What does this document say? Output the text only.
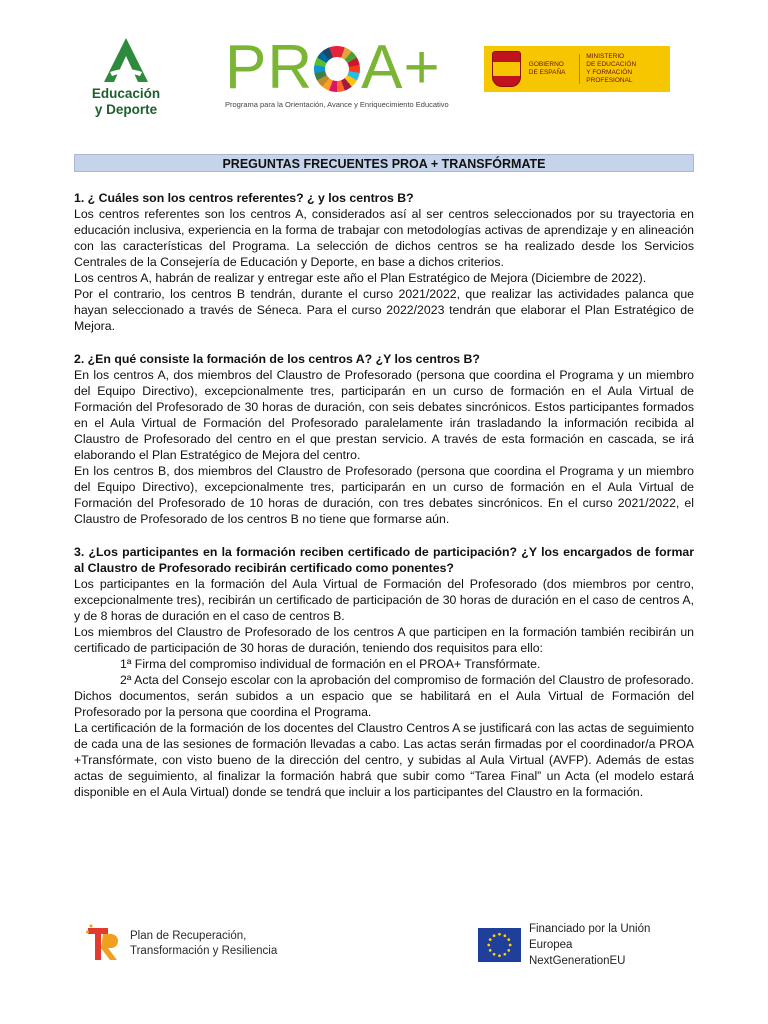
Educación
y Deporte
PR A+
Programa para la Orientación, Avance y Enriquecimiento Educativo
GOBIERNO
DE ESPAÑA
MINISTERIO
DE EDUCACIÓN
Y FORMACIÓN PROFESIONAL
PREGUNTAS FRECUENTES PROA + TRANSFÓRMATE

1. ¿ Cuáles son los centros referentes? ¿ y los centros B?

Los centros referentes son los centros A, considerados así al ser centros seleccionados por su trayectoria en educación inclusiva, experiencia en la forma de trabajar con metodologías activas de aprendizaje y en alineación con las características del Programa. La selección de dichos centros se ha realizado desde los Servicios Centrales de la Consejería de Educación y Deporte, en base a dichos criterios.

Los centros A, habrán de realizar y entregar este año el Plan Estratégico de Mejora (Diciembre de 2022).

Por el contrario, los centros B tendrán, durante el curso 2021/2022, que realizar las actividades palanca que hayan seleccionado a través de Séneca. Para el curso 2022/2023 tendrán que elaborar el Plan Estratégico de Mejora.

2. ¿En qué consiste la formación de los centros A? ¿Y los centros B?

En los centros A, dos miembros del Claustro de Profesorado (persona que coordina el Programa y un miembro del Equipo Directivo), excepcionalmente tres, participarán en un curso de formación en el Aula Virtual de Formación del Profesorado de 30 horas de duración, con seis debates sincrónicos. Estos participantes formados en el Aula Virtual de Formación del Profesorado paralelamente irán trasladando la información recibida al Claustro de Profesorado del centro en el que prestan servicio. A través de esta formación en cascada, se irá elaborando el Plan Estratégico de Mejora del centro.

En los centros B, dos miembros del Claustro de Profesorado (persona que coordina el Programa y un miembro del Equipo Directivo), excepcionalmente tres, participarán en un curso de formación en el Aula Virtual de Formación del Profesorado de 10 horas de duración, con tres debates sincrónicos. En el curso 2021/2022, el Claustro de Profesorado de los centros B no tiene que formarse aún.

3. ¿Los participantes en la formación reciben certificado de participación? ¿Y los encargados de formar al Claustro de Profesorado recibirán certificado como ponentes?

Los participantes en la formación del Aula Virtual de Formación del Profesorado (dos miembros por centro, excepcionalmente tres), recibirán un certificado de participación de 30 horas de duración en el caso de centros A, y de 8 horas de duración en el caso de centros B.

Los miembros del Claustro de Profesorado de los centros A que participen en la formación también recibirán un certificado de participación de 30 horas de duración, teniendo dos requisitos para ello:

1ª Firma del compromiso individual de formación en el PROA+ Transfórmate.

2ª Acta del Consejo escolar con la aprobación del compromiso de formación del Claustro de profesorado.

Dichos documentos, serán subidos a un espacio que se habilitará en el Aula Virtual de Formación del Profesorado por la persona que coordina el Programa.

La certificación de la formación de los docentes del Claustro Centros A se justificará con las actas de seguimiento de cada una de las sesiones de formación llevadas a cabo. Las actas serán firmadas por el coordinador/a PROA +Transfórmate, con visto bueno de la dirección del centro, y subidas al Aula Virtual (AVFP). Además de estas actas de seguimiento, al finalizar la formación habrá que subir como “Tarea Final” un Acta (el modelo estará disponible en el Aula Virtual) donde se tendrá que incluir a los participantes del Claustro en la formación.

Plan de Recuperación,
Transformación y Resiliencia
Financiado por la Unión Europea
NextGenerationEU
